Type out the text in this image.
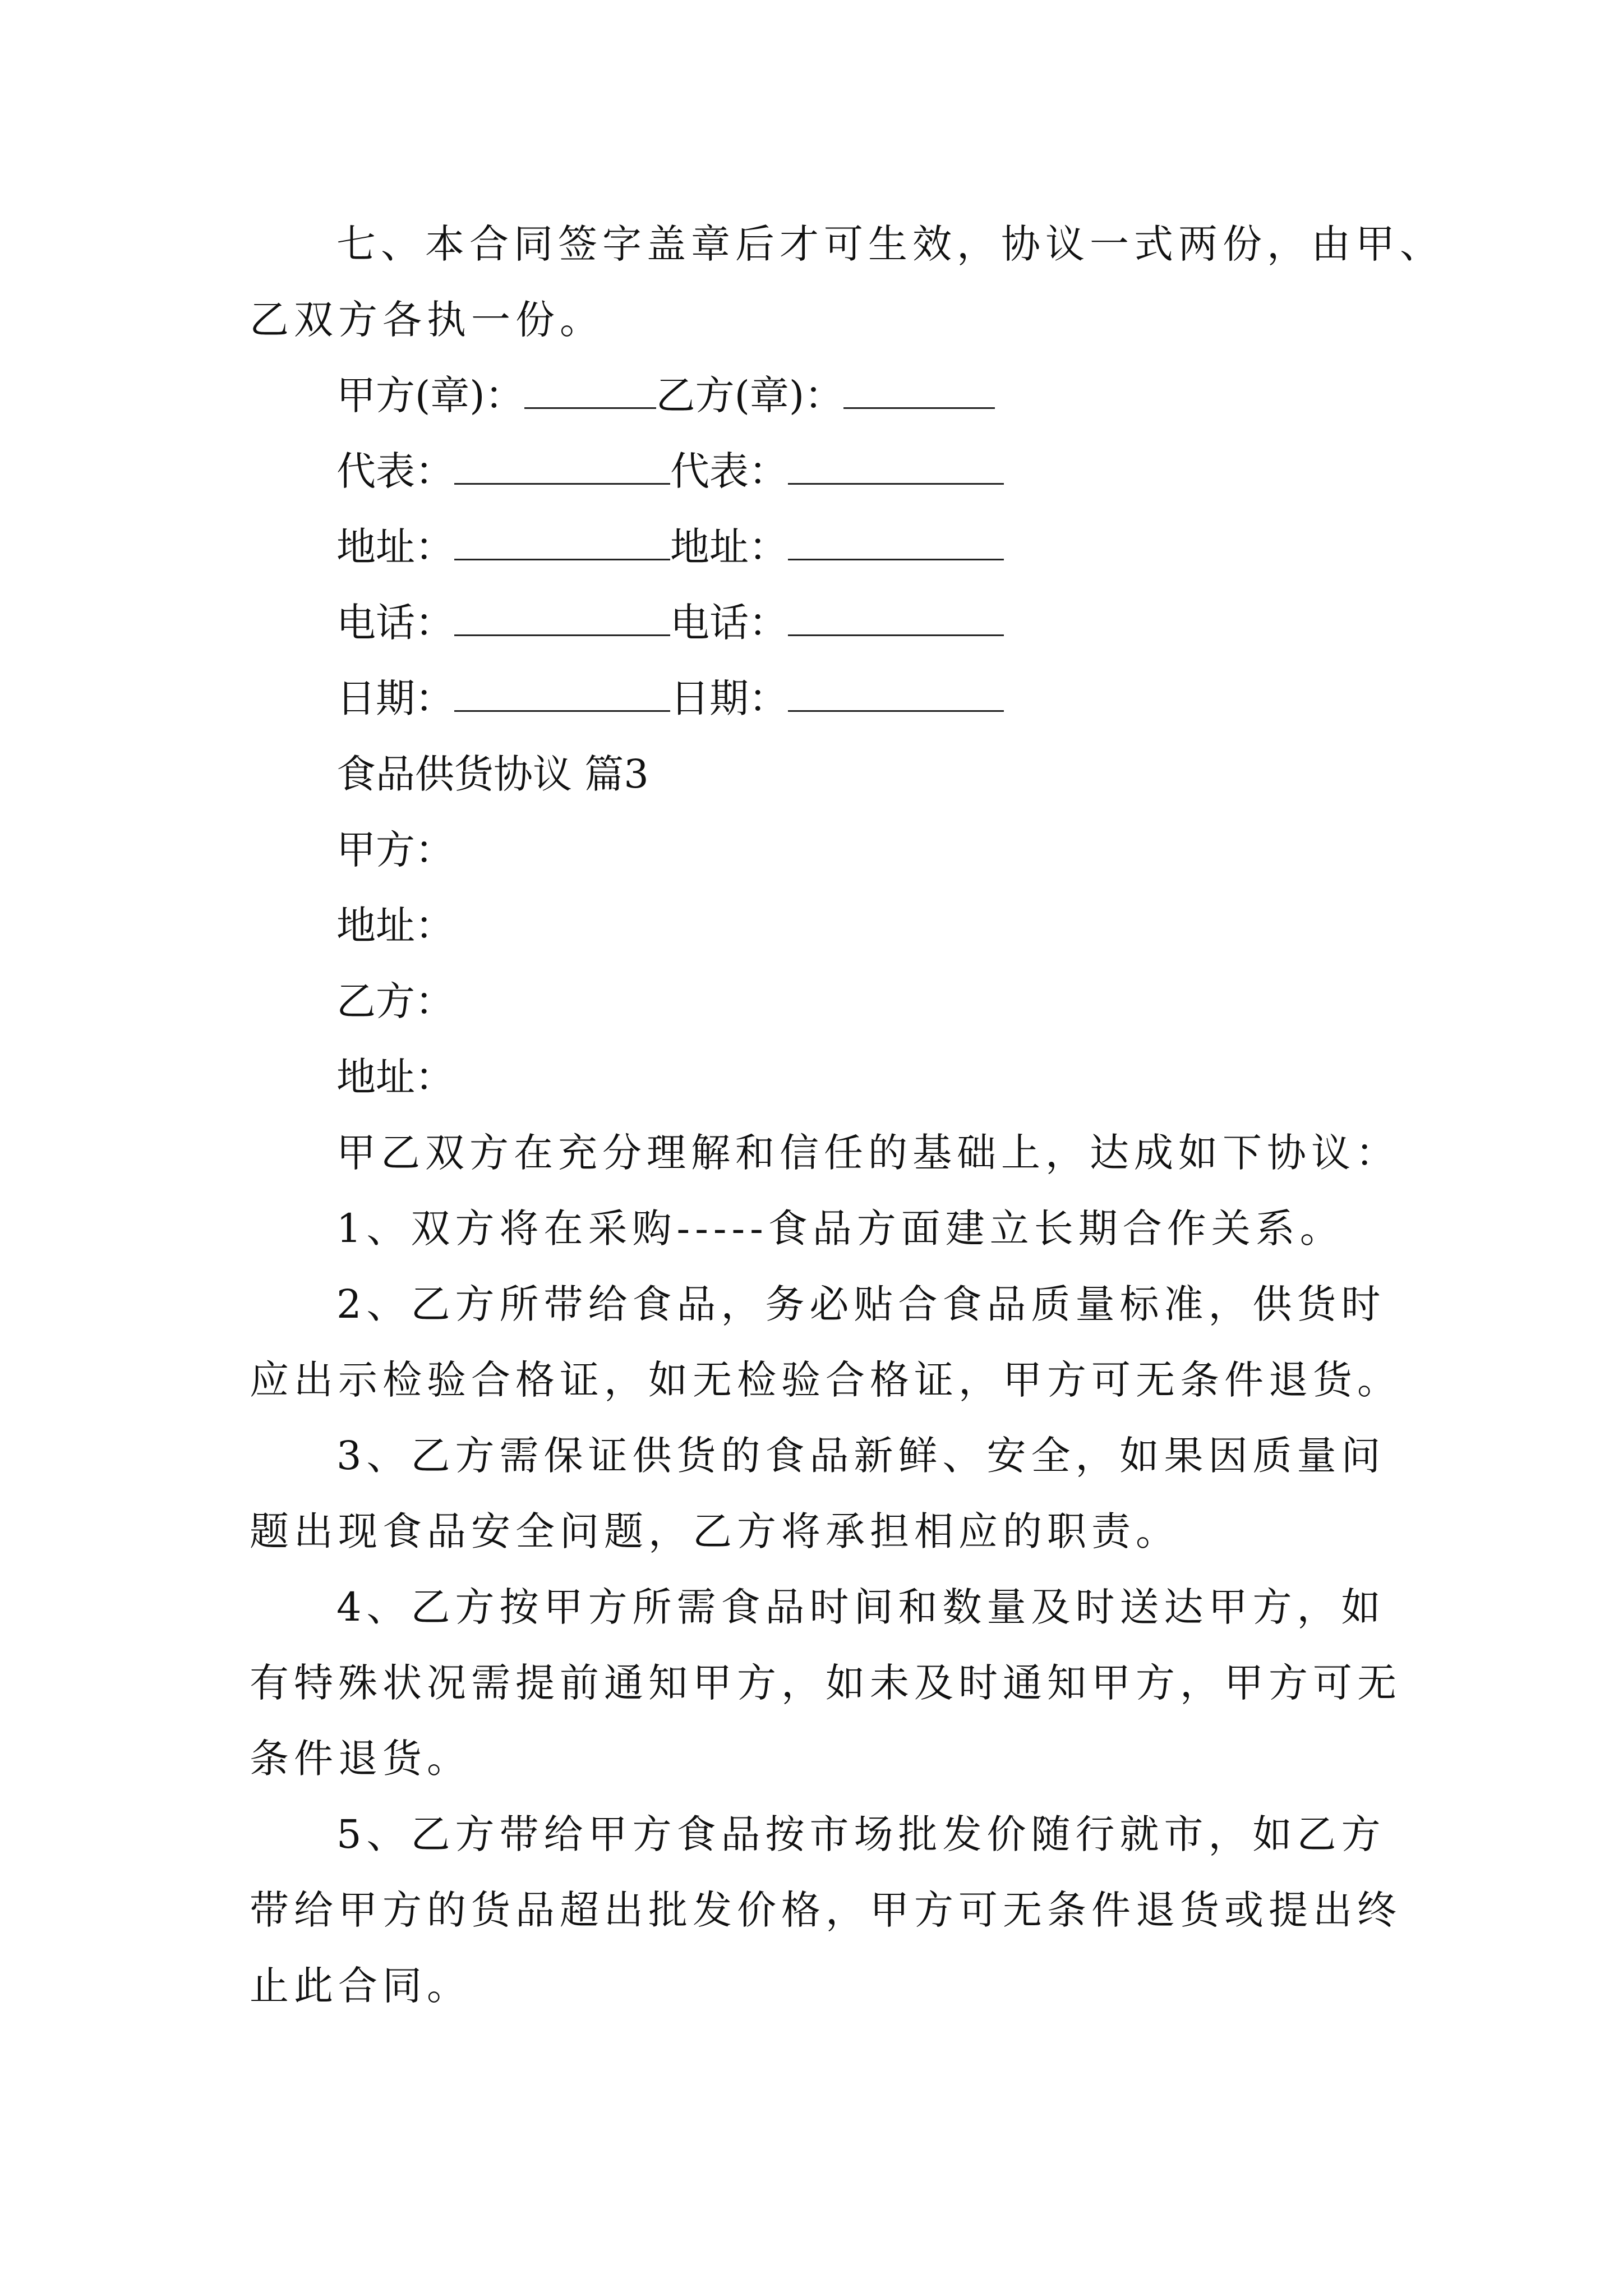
七、本合同签字盖章后才可生效，协议一式两份，由甲、
乙双方各执一份。
甲方(章)：	乙方(章)：
代表：	代表：
地址：	地址：
电话：	电话：
日期：	日期：
食品供货协议 篇3
甲方：
地址：
乙方：
地址：
甲乙双方在充分理解和信任的基础上，达成如下协议：
1、双方将在采购-----食品方面建立长期合作关系。
2、乙方所带给食品，务必贴合食品质量标准，供货时
应出示检验合格证，如无检验合格证，甲方可无条件退货。
3、乙方需保证供货的食品新鲜、安全，如果因质量问
题出现食品安全问题，乙方将承担相应的职责。
4、乙方按甲方所需食品时间和数量及时送达甲方，如
有特殊状况需提前通知甲方，如未及时通知甲方，甲方可无
条件退货。
5、乙方带给甲方食品按市场批发价随行就市，如乙方
带给甲方的货品超出批发价格，甲方可无条件退货或提出终
止此合同。
